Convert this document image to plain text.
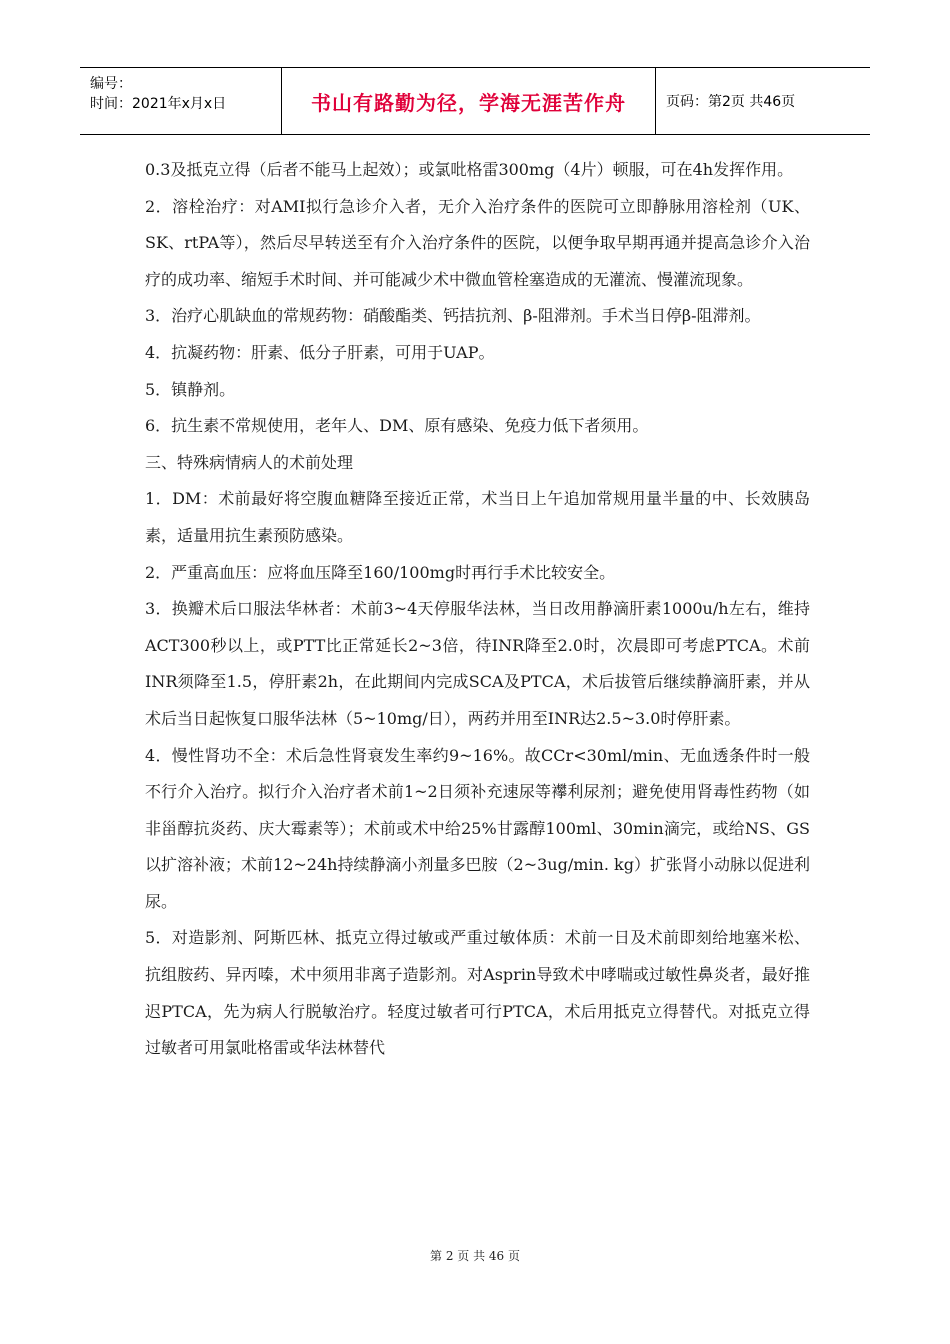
编号：
时间：2021年x月x日	书山有路勤为径，学海无涯苦作舟	页码：第2页 共46页

0.3及抵克立得（后者不能马上起效）；或氯吡格雷300mg（4片）顿服，可在4h发挥作用。

2．溶栓治疗：对AMI拟行急诊介入者，无介入治疗条件的医院可立即静脉用溶栓剂（UK、SK、rtPA等），然后尽早转送至有介入治疗条件的医院，以便争取早期再通并提高急诊介入治疗的成功率、缩短手术时间、并可能减少术中微血管栓塞造成的无灌流、慢灌流现象。

3．治疗心肌缺血的常规药物：硝酸酯类、钙拮抗剂、β-阻滞剂。手术当日停β-阻滞剂。

4．抗凝药物：肝素、低分子肝素，可用于UAP。

5．镇静剂。

6．抗生素不常规使用，老年人、DM、原有感染、免疫力低下者须用。

三、特殊病情病人的术前处理

1．DM：术前最好将空腹血糖降至接近正常，术当日上午追加常规用量半量的中、长效胰岛素，适量用抗生素预防感染。

2．严重高血压：应将血压降至160/100mg时再行手术比较安全。

3．换瓣术后口服法华林者：术前3~4天停服华法林，当日改用静滴肝素1000u/h左右，维持ACT300秒以上，或PTT比正常延长2~3倍，待INR降至2.0时，次晨即可考虑PTCA。术前INR须降至1.5，停肝素2h，在此期间内完成SCA及PTCA，术后拔管后继续静滴肝素，并从术后当日起恢复口服华法林（5~10mg/日），两药并用至INR达2.5~3.0时停肝素。

4．慢性肾功不全：术后急性肾衰发生率约9~16%。故CCr<30ml/min、无血透条件时一般不行介入治疗。拟行介入治疗者术前1~2日须补充速尿等襻利尿剂；避免使用肾毒性药物（如非甾醇抗炎药、庆大霉素等）；术前或术中给25%甘露醇100ml、30min滴完，或给NS、GS以扩溶补液；术前12~24h持续静滴小剂量多巴胺（2~3ug/min. kg）扩张肾小动脉以促进利尿。

5．对造影剂、阿斯匹林、抵克立得过敏或严重过敏体质：术前一日及术前即刻给地塞米松、抗组胺药、异丙嗪，术中须用非离子造影剂。对Asprin导致术中哮喘或过敏性鼻炎者，最好推迟PTCA，先为病人行脱敏治疗。轻度过敏者可行PTCA，术后用抵克立得替代。对抵克立得过敏者可用氯吡格雷或华法林替代

第 2 页 共 46 页
